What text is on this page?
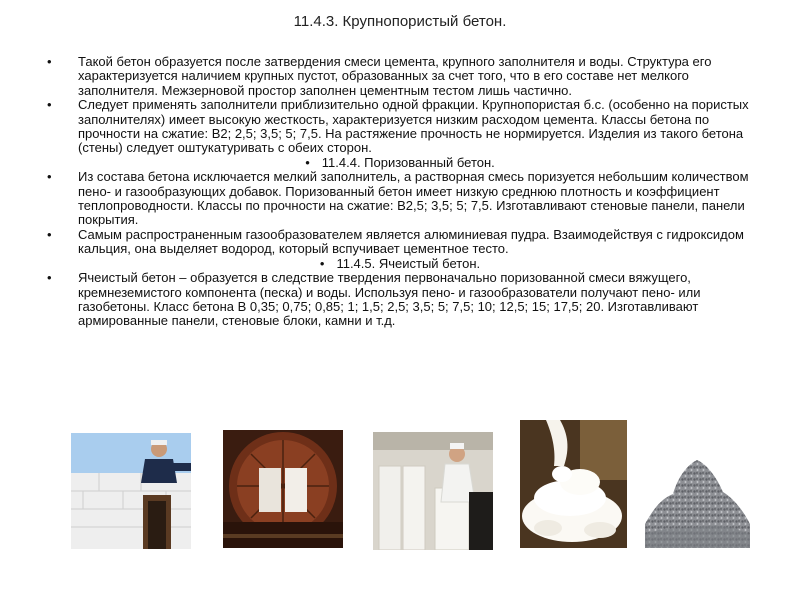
11.4.3. Крупнопористый бетон.

• Такой бетон образуется после затвердения смеси цемента, крупного заполнителя и воды. Структура его характеризуется наличием крупных пустот, образованных за счет того, что в его составе нет мелкого заполнителя. Межзерновой простор заполнен цементным тестом лишь частично.

• Следует применять заполнители приблизительно одной фракции. Крупнопористая б.с. (особенно на пористых заполнителях) имеет высокую жесткость, характеризуется низким расходом цемента. Классы бетона по прочности на сжатие: В2; 2,5; 3,5; 5; 7,5. На растяжение прочность не нормируется. Изделия из такого бетона (стены) следует оштукатуривать с обеих сторон.

• 11.4.4. Поризованный бетон.

• Из состава бетона исключается мелкий заполнитель, а растворная смесь поризуется небольшим количеством пено- и газообразующих добавок. Поризованный бетон имеет низкую среднюю плотность и коэффициент теплопроводности. Классы по прочности на сжатие: В2,5; 3,5; 5; 7,5. Изготавливают стеновые панели, панели покрытия.

• Самым распространенным газообразователем является алюминиевая пудра. Взаимодействуя с гидроксидом кальция, она выделяет водород, который вспучивает цементное тесто.

• 11.4.5. Ячеистый бетон.

• Ячеистый бетон – образуется в следствие твердения первоначально поризованной смеси вяжущего, кремнеземистого компонента (песка) и воды. Используя пено- и газообразователи получают пено- или газобетоны. Класс бетона В 0,35; 0,75; 0,85; 1; 1,5; 2,5; 3,5; 5; 7,5; 10; 12,5; 15; 17,5; 20. Изготавливают армированные панели, стеновые блоки, камни и т.д.
